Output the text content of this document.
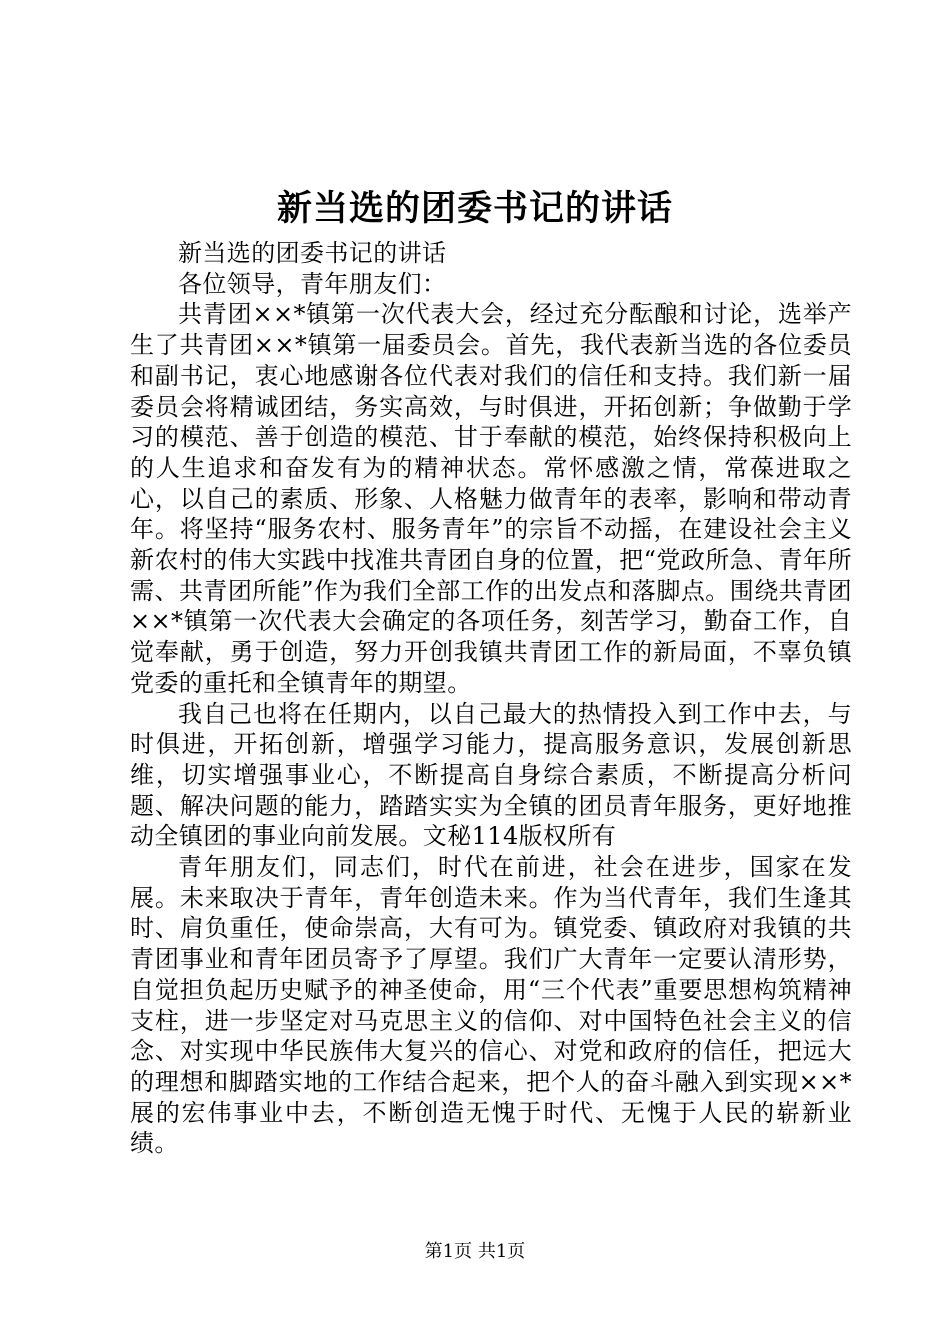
新当选的团委书记的讲话

新当选的团委书记的讲话

各位领导，青年朋友们：

共青团××*镇第一次代表大会，经过充分酝酿和讨论，选举产生了共青团××*镇第一届委员会。首先，我代表新当选的各位委员和副书记，衷心地感谢各位代表对我们的信任和支持。我们新一届委员会将精诚团结，务实高效，与时俱进，开拓创新；争做勤于学习的模范、善于创造的模范、甘于奉献的模范，始终保持积极向上的人生追求和奋发有为的精神状态。常怀感激之情，常葆进取之心，以自己的素质、形象、人格魅力做青年的表率，影响和带动青年。将坚持“服务农村、服务青年”的宗旨不动摇，在建设社会主义新农村的伟大实践中找准共青团自身的位置，把“党政所急、青年所需、共青团所能”作为我们全部工作的出发点和落脚点。围绕共青团××*镇第一次代表大会确定的各项任务，刻苦学习，勤奋工作，自觉奉献，勇于创造，努力开创我镇共青团工作的新局面，不辜负镇党委的重托和全镇青年的期望。

我自己也将在任期内，以自己最大的热情投入到工作中去，与时俱进，开拓创新，增强学习能力，提高服务意识，发展创新思维，切实增强事业心，不断提高自身综合素质，不断提高分析问题、解决问题的能力，踏踏实实为全镇的团员青年服务，更好地推动全镇团的事业向前发展。文秘114版权所有

青年朋友们，同志们，时代在前进，社会在进步，国家在发展。未来取决于青年，青年创造未来。作为当代青年，我们生逢其时、肩负重任，使命崇高，大有可为。镇党委、镇政府对我镇的共青团事业和青年团员寄予了厚望。我们广大青年一定要认清形势，自觉担负起历史赋予的神圣使命，用“三个代表”重要思想构筑精神支柱，进一步坚定对马克思主义的信仰、对中国特色社会主义的信念、对实现中华民族伟大复兴的信心、对党和政府的信任，把远大的理想和脚踏实地的工作结合起来，把个人的奋斗融入到实现××*展的宏伟事业中去，不断创造无愧于时代、无愧于人民的崭新业绩。

第1页 共1页
